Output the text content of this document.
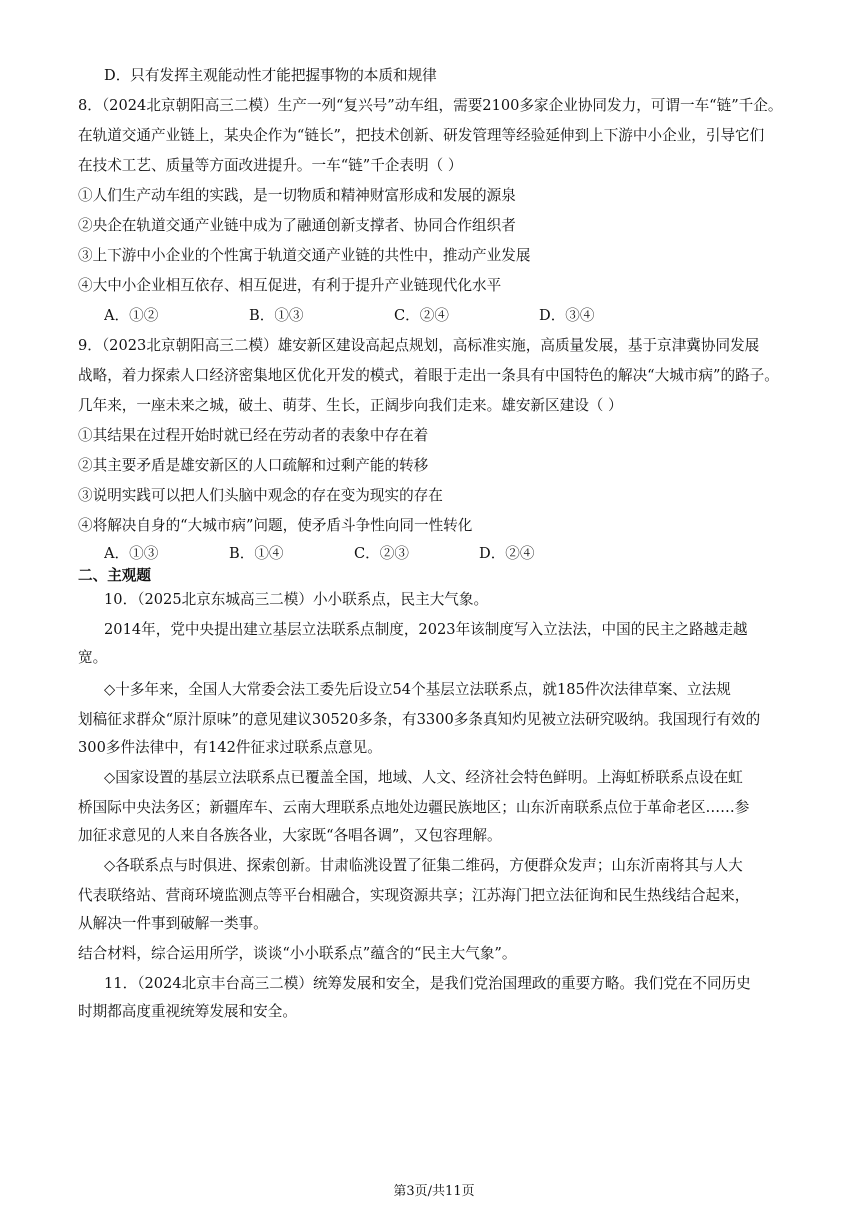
D．只有发挥主观能动性才能把握事物的本质和规律
8．（2024北京朝阳高三二模）生产一列“复兴号”动车组，需要2100多家企业协同发力，可谓一车“链”千企。
在轨道交通产业链上，某央企作为“链长”，把技术创新、研发管理等经验延伸到上下游中小企业，引导它们
在技术工艺、质量等方面改进提升。一车“链”千企表明（ ）
①人们生产动车组的实践，是一切物质和精神财富形成和发展的源泉
②央企在轨道交通产业链中成为了融通创新支撑者、协同合作组织者
③上下游中小企业的个性寓于轨道交通产业链的共性中，推动产业发展
④大中小企业相互依存、相互促进，有利于提升产业链现代化水平
A．①②	B．①③	C．②④	D．③④
9．（2023北京朝阳高三二模）雄安新区建设高起点规划，高标准实施，高质量发展，基于京津冀协同发展
战略，着力探索人口经济密集地区优化开发的模式，着眼于走出一条具有中国特色的解决“大城市病”的路子。
几年来，一座未来之城，破土、萌芽、生长，正阔步向我们走来。雄安新区建设（ ）
①其结果在过程开始时就已经在劳动者的表象中存在着
②其主要矛盾是雄安新区的人口疏解和过剩产能的转移
③说明实践可以把人们头脑中观念的存在变为现实的存在
④将解决自身的“大城市病”问题，使矛盾斗争性向同一性转化
A．①③	B．①④	C．②③	D．②④
二、主观题
10．（2025北京东城高三二模）小小联系点，民主大气象。
2014年，党中央提出建立基层立法联系点制度，2023年该制度写入立法法，中国的民主之路越走越
宽。
◇十多年来，全国人大常委会法工委先后设立54个基层立法联系点，就185件次法律草案、立法规
划稿征求群众“原汁原味”的意见建议30520多条，有3300多条真知灼见被立法研究吸纳。我国现行有效的
300多件法律中，有142件征求过联系点意见。
◇国家设置的基层立法联系点已覆盖全国，地域、人文、经济社会特色鲜明。上海虹桥联系点设在虹
桥国际中央法务区；新疆库车、云南大理联系点地处边疆民族地区；山东沂南联系点位于革命老区……参
加征求意见的人来自各族各业，大家既“各唱各调”，又包容理解。
◇各联系点与时俱进、探索创新。甘肃临洮设置了征集二维码，方便群众发声；山东沂南将其与人大
代表联络站、营商环境监测点等平台相融合，实现资源共享；江苏海门把立法征询和民生热线结合起来，
从解决一件事到破解一类事。
结合材料，综合运用所学，谈谈“小小联系点”蕴含的“民主大气象”。
11．（2024北京丰台高三二模）统筹发展和安全，是我们党治国理政的重要方略。我们党在不同历史
时期都高度重视统筹发展和安全。
第3页/共11页
